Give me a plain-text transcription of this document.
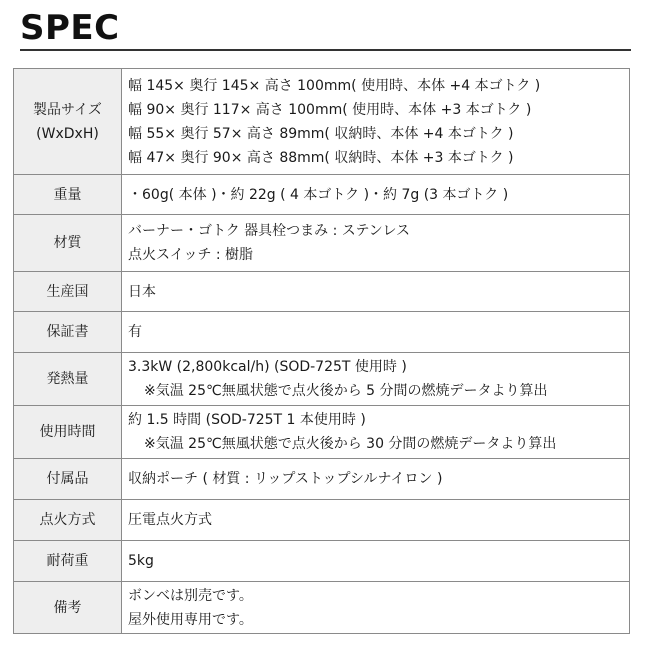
SPEC
製品サイズ
(WxDxH)	幅 145× 奥行 145× 高さ 100mm( 使用時、本体 +4 本ゴトク )
幅 90× 奥行 117× 高さ 100mm( 使用時、本体 +3 本ゴトク )
幅 55× 奥行 57× 高さ 89mm( 収納時、本体 +4 本ゴトク )
幅 47× 奥行 90× 高さ 88mm( 収納時、本体 +3 本ゴトク )

重量	・60g( 本体 )・約 22g ( 4 本ゴトク )・約 7g (3 本ゴトク )

材質	バーナー・ゴトク 器具栓つまみ : ステンレス
点火スイッチ : 樹脂

生産国	日本

保証書	有

発熱量	3.3kW (2,800kcal/h) (SOD-725T 使用時 )
※気温 25℃無風状態で点火後から 5 分間の燃焼データより算出

使用時間	約 1.5 時間 (SOD-725T 1 本使用時 )
※気温 25℃無風状態で点火後から 30 分間の燃焼データより算出

付属品	収納ポーチ ( 材質 : リップストップシルナイロン )

点火方式	圧電点火方式

耐荷重	5kg

備考	ボンベは別売です。
屋外使用専用です。
